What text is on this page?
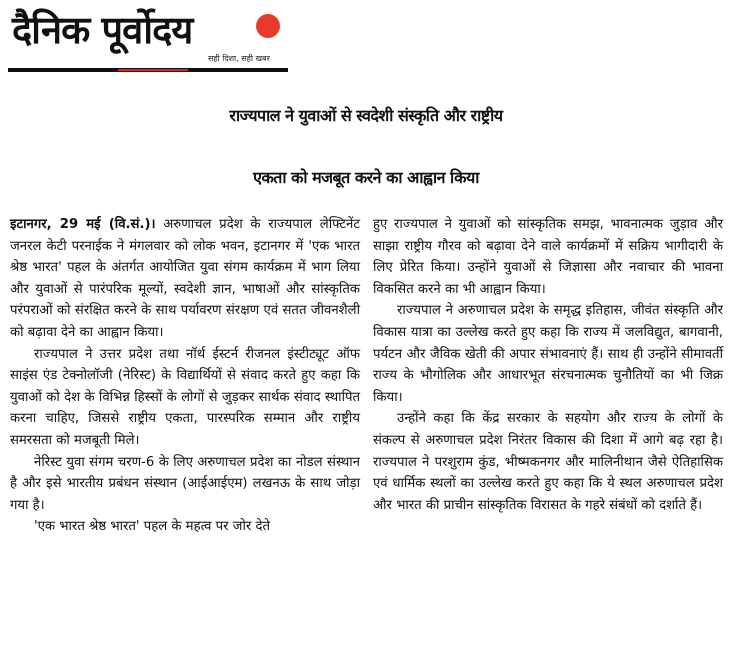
दैनिक पूर्वोदय
सही दिशा, सही खबर
राज्यपाल ने युवाओं से स्वदेशी संस्कृति और राष्ट्रीय
एकता को मजबूत करने का आह्वान किया

इटानगर, 29 मई (वि.सं.)। अरुणाचल प्रदेश के राज्यपाल लेफ्टिनेंट जनरल केटी परनाईक ने मंगलवार को लोक भवन, इटानगर में 'एक भारत श्रेष्ठ भारत' पहल के अंतर्गत आयोजित युवा संगम कार्यक्रम में भाग लिया और युवाओं से पारंपरिक मूल्यों, स्वदेशी ज्ञान, भाषाओं और सांस्कृतिक परंपराओं को संरक्षित करने के साथ पर्यावरण संरक्षण एवं सतत जीवनशैली को बढ़ावा देने का आह्वान किया।

राज्यपाल ने उत्तर प्रदेश तथा नॉर्थ ईस्टर्न रीजनल इंस्टीट्यूट ऑफ साइंस एंड टेक्नोलॉजी (नेरिस्ट) के विद्यार्थियों से संवाद करते हुए कहा कि युवाओं को देश के विभिन्न हिस्सों के लोगों से जुड़कर सार्थक संवाद स्थापित करना चाहिए, जिससे राष्ट्रीय एकता, पारस्परिक सम्मान और राष्ट्रीय समरसता को मजबूती मिले।

नेरिस्ट युवा संगम चरण-6 के लिए अरुणाचल प्रदेश का नोडल संस्थान है और इसे भारतीय प्रबंधन संस्थान (आईआईएम) लखनऊ के साथ जोड़ा गया है।

'एक भारत श्रेष्ठ भारत' पहल के महत्व पर जोर देते

हुए राज्यपाल ने युवाओं को सांस्कृतिक समझ, भावनात्मक जुड़ाव और साझा राष्ट्रीय गौरव को बढ़ावा देने वाले कार्यक्रमों में सक्रिय भागीदारी के लिए प्रेरित किया। उन्होंने युवाओं से जिज्ञासा और नवाचार की भावना विकसित करने का भी आह्वान किया।

राज्यपाल ने अरुणाचल प्रदेश के समृद्ध इतिहास, जीवंत संस्कृति और विकास यात्रा का उल्लेख करते हुए कहा कि राज्य में जलविद्युत, बागवानी, पर्यटन और जैविक खेती की अपार संभावनाएं हैं। साथ ही उन्होंने सीमावर्ती राज्य के भौगोलिक और आधारभूत संरचनात्मक चुनौतियों का भी जिक्र किया।

उन्होंने कहा कि केंद्र सरकार के सहयोग और राज्य के लोगों के संकल्प से अरुणाचल प्रदेश निरंतर विकास की दिशा में आगे बढ़ रहा है। राज्यपाल ने परशुराम कुंड, भीष्मकनगर और मालिनीथान जैसे ऐतिहासिक एवं धार्मिक स्थलों का उल्लेख करते हुए कहा कि ये स्थल अरुणाचल प्रदेश और भारत की प्राचीन सांस्कृतिक विरासत के गहरे संबंधों को दर्शाते हैं।
